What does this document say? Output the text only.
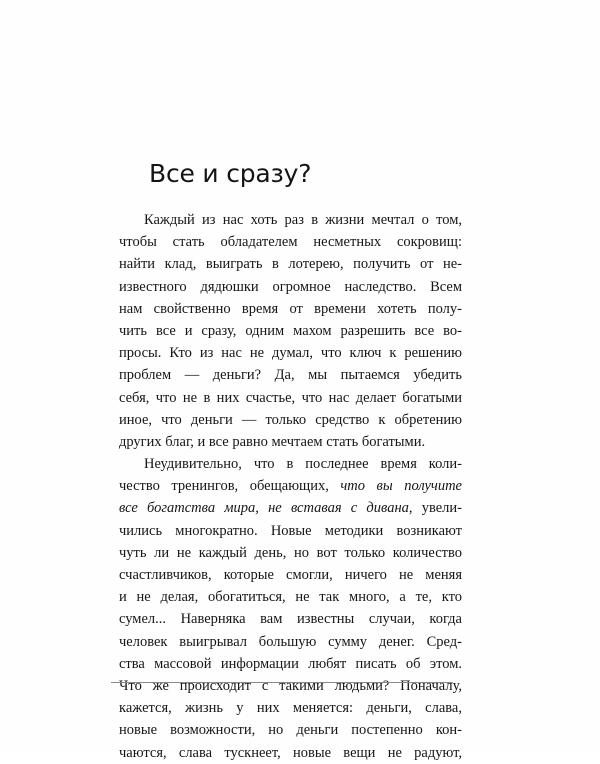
Все и сразу?
Каждый из нас хоть раз в жизни мечтал о том,
чтобы стать обладателем несметных сокровищ:
найти клад, выиграть в лотерею, получить от не-
известного дядюшки огромное наследство. Всем
нам свойственно время от времени хотеть полу-
чить все и сразу, одним махом разрешить все во-
просы. Кто из нас не думал, что ключ к решению
проблем — деньги? Да, мы пытаемся убедить
себя, что не в них счастье, что нас делает богатыми
иное, что деньги — только средство к обретению
других благ, и все равно мечтаем стать богатыми.
Неудивительно, что в последнее время коли-
чество тренингов, обещающих, что вы получите
все богатства мира, не вставая с дивана, увели-
чились многократно. Новые методики возникают
чуть ли не каждый день, но вот только количество
счастливчиков, которые смогли, ничего не меняя
и не делая, обогатиться, не так много, а те, кто
сумел... Наверняка вам известны случаи, когда
человек выигрывал большую сумму денег. Сред-
ства массовой информации любят писать об этом.
Что же происходит с такими людьми? Поначалу,
кажется, жизнь у них меняется: деньги, слава,
новые возможности, но деньги постепенно кон-
чаются, слава тускнеет, новые вещи не радуют,
